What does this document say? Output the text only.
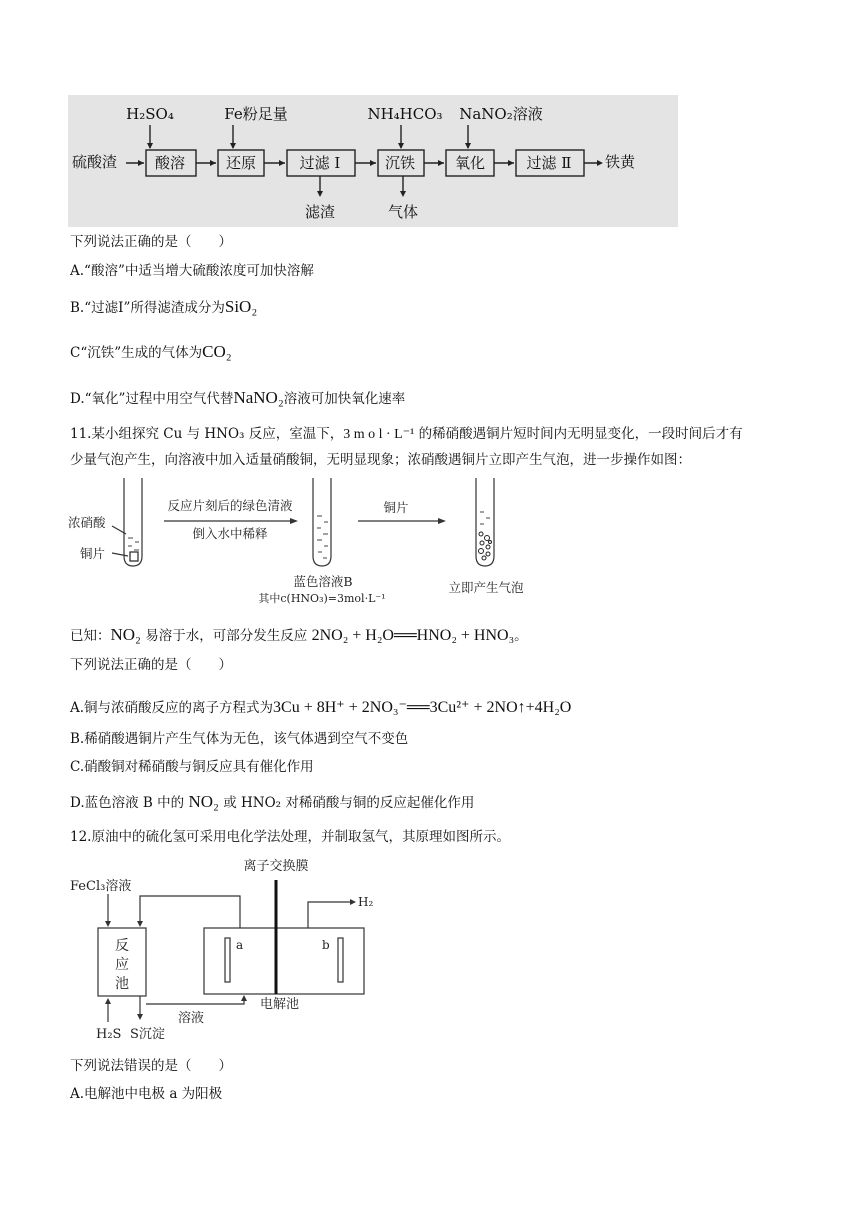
H₂SO₄	Fe粉足量	NH₄HCO₃ NaNO₂溶液
硫酸渣	铁黄
酸溶	还原	过滤 Ⅰ	沉铁	氧化	过滤 Ⅱ
滤渣	气体
下列说法正确的是（　　）
A.“酸溶”中适当增大硫酸浓度可加快溶解
B.“过滤Ⅰ”所得滤渣成分为SiO₂
C“沉铁”生成的气体为CO₂
D.“氧化”过程中用空气代替NaNO₂溶液可加快氧化速率
11.某小组探究 Cu 与 HNO₃ 反应，室温下，3 m o l · L⁻¹ 的稀硝酸遇铜片短时间内无明显变化，一段时间后才有
少量气泡产生，向溶液中加入适量硝酸铜，无明显现象；浓硝酸遇铜片立即产生气泡，进一步操作如图：
浓硝酸
铜片
反应片刻后的绿色清液
倒入水中稀释
铜片
蓝色溶液B
其中c(HNO₃)=3mol·L⁻¹
立即产生气泡
已知：NO₂ 易溶于水，可部分发生反应 2NO₂ + H₂O══HNO₂ + HNO₃。
下列说法正确的是（　　）
A.铜与浓硝酸反应的离子方程式为3Cu + 8H⁺ + 2NO₃⁻══3Cu²⁺ + 2NO↑+4H₂O
B.稀硝酸遇铜片产生气体为无色，该气体遇到空气不变色
C.硝酸铜对稀硝酸与铜反应具有催化作用
D.蓝色溶液 B 中的 NO₂ 或 HNO₂ 对稀硝酸与铜的反应起催化作用
12.原油中的硫化氢可采用电化学法处理，并制取氢气，其原理如图所示。
离子交换膜
FeCl₃溶液
H₂
反
应
池
a	b
电解池
溶液
H₂S S沉淀
下列说法错误的是（　　）
A.电解池中电极 a 为阳极
